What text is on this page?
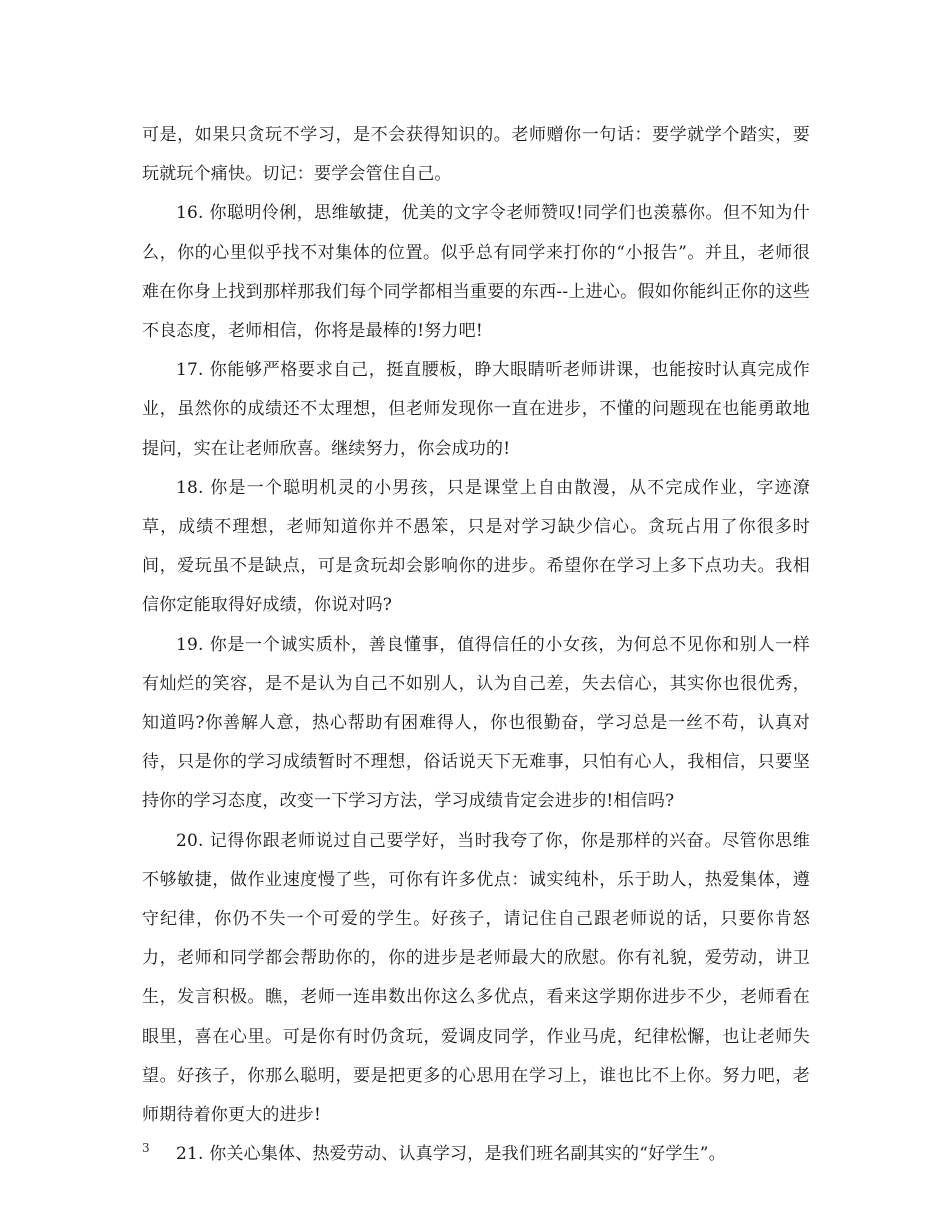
可是，如果只贪玩不学习，是不会获得知识的。老师赠你一句话：要学就学个踏实，要玩就玩个痛快。切记：要学会管住自己。

16. 你聪明伶俐，思维敏捷，优美的文字令老师赞叹!同学们也羡慕你。但不知为什么，你的心里似乎找不对集体的位置。似乎总有同学来打你的“小报告”。并且，老师很难在你身上找到那样那我们每个同学都相当重要的东西--上进心。假如你能纠正你的这些不良态度，老师相信，你将是最棒的!努力吧!

17. 你能够严格要求自己，挺直腰板，睁大眼睛听老师讲课，也能按时认真完成作业，虽然你的成绩还不太理想，但老师发现你一直在进步，不懂的问题现在也能勇敢地提问，实在让老师欣喜。继续努力，你会成功的!

18. 你是一个聪明机灵的小男孩，只是课堂上自由散漫，从不完成作业，字迹潦草，成绩不理想，老师知道你并不愚笨，只是对学习缺少信心。贪玩占用了你很多时间，爱玩虽不是缺点，可是贪玩却会影响你的进步。希望你在学习上多下点功夫。我相信你定能取得好成绩，你说对吗?

19. 你是一个诚实质朴，善良懂事，值得信任的小女孩，为何总不见你和别人一样有灿烂的笑容，是不是认为自己不如别人，认为自己差，失去信心，其实你也很优秀，知道吗?你善解人意，热心帮助有困难得人，你也很勤奋，学习总是一丝不苟，认真对待，只是你的学习成绩暂时不理想，俗话说天下无难事，只怕有心人，我相信，只要坚持你的学习态度，改变一下学习方法，学习成绩肯定会进步的!相信吗?

20. 记得你跟老师说过自己要学好，当时我夸了你，你是那样的兴奋。尽管你思维不够敏捷，做作业速度慢了些，可你有许多优点：诚实纯朴，乐于助人，热爱集体，遵守纪律，你仍不失一个可爱的学生。好孩子，请记住自己跟老师说的话，只要你肯怒力，老师和同学都会帮助你的，你的进步是老师最大的欣慰。你有礼貌，爱劳动，讲卫生，发言积极。瞧，老师一连串数出你这么多优点，看来这学期你进步不少，老师看在眼里，喜在心里。可是你有时仍贪玩，爱调皮同学，作业马虎，纪律松懈，也让老师失望。好孩子，你那么聪明，要是把更多的心思用在学习上，谁也比不上你。努力吧，老师期待着你更大的进步!

21. 你关心集体、热爱劳动、认真学习，是我们班名副其实的“好学生”。

3
